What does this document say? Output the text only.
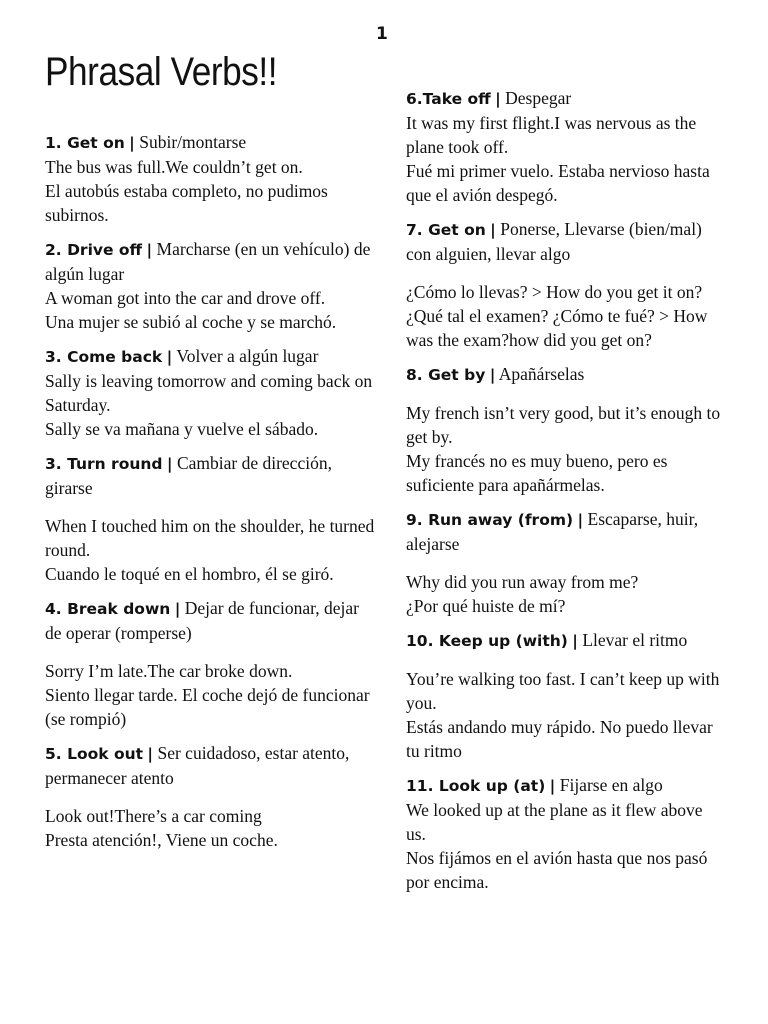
1
Phrasal Verbs!!

1. Get on | Subir/montarse

The bus was full.We couldn’t get on.

El autobús estaba completo, no pudimos subirnos.

2. Drive off | Marcharse (en un vehículo) de algún lugar

A woman got into the car and drove off.

Una mujer se subió al coche y se marchó.

3. Come back | Volver a algún lugar

Sally is leaving tomorrow and coming back on Saturday.

Sally se va mañana y vuelve el sábado.

3. Turn round | Cambiar de dirección, girarse

When I touched him on the shoulder, he turned round.

Cuando le toqué en el hombro, él se giró.

4. Break down | Dejar de funcionar, dejar de operar (romperse)

Sorry I’m late.The car broke down.

Siento llegar tarde. El coche dejó de funcionar (se rompió)

5. Look out | Ser cuidadoso, estar atento, permanecer atento

Look out!There’s a car coming

Presta atención!, Viene un coche.

6.Take off | Despegar

It was my first flight.I was nervous as the plane took off.

Fué mi primer vuelo. Estaba nervioso hasta que el avión despegó.

7. Get on | Ponerse, Llevarse (bien/mal) con alguien, llevar algo

¿Cómo lo llevas? > How do you get it on?

¿Qué tal el examen? ¿Cómo te fué? > How was the exam?how did you get on?

8. Get by | Apañárselas

My french isn’t very good, but it’s enough to get by.

My francés no es muy bueno, pero es suficiente para apañármelas.

9. Run away (from) | Escaparse, huir, alejarse

Why did you run away from me?

¿Por qué huiste de mí?

10. Keep up (with) | Llevar el ritmo

You’re walking too fast. I can’t keep up with you.

Estás andando muy rápido. No puedo llevar tu ritmo

11. Look up (at) | Fijarse en algo

We looked up at the plane as it flew above us.

Nos fijámos en el avión hasta que nos pasó por encima.
